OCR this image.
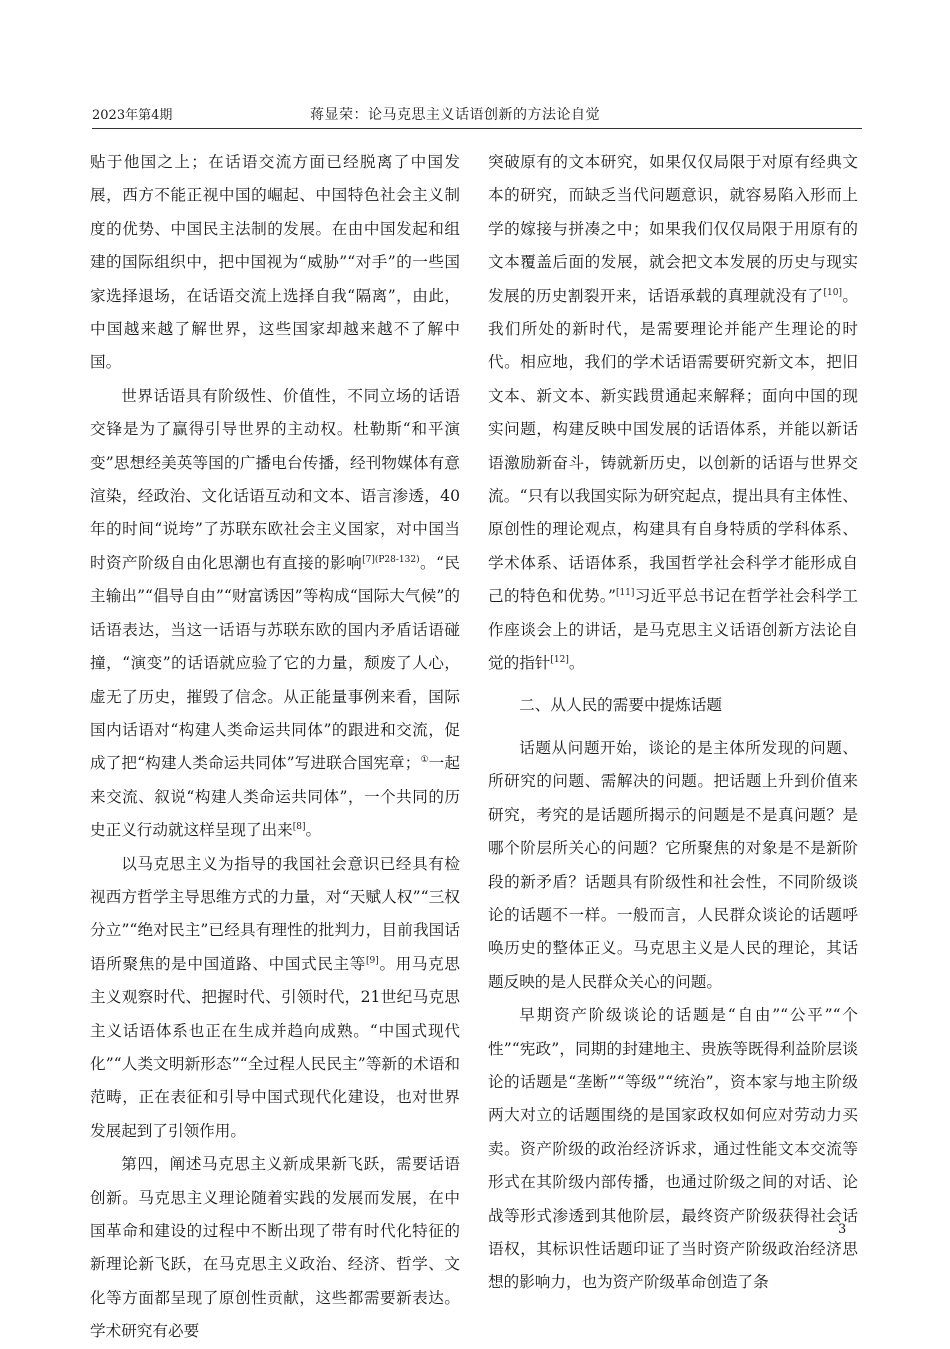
2023年第4期	蒋显荣：论马克思主义话语创新的方法论自觉

贴于他国之上；在话语交流方面已经脱离了中国发展，西方不能正视中国的崛起、中国特色社会主义制度的优势、中国民主法制的发展。在由中国发起和组建的国际组织中，把中国视为“威胁”“对手”的一些国家选择退场，在话语交流上选择自我“隔离”，由此，中国越来越了解世界，这些国家却越来越不了解中国。

世界话语具有阶级性、价值性，不同立场的话语交锋是为了赢得引导世界的主动权。杜勒斯“和平演变”思想经美英等国的广播电台传播，经刊物媒体有意渲染，经政治、文化话语互动和文本、语言渗透，40年的时间“说垮”了苏联东欧社会主义国家，对中国当时资产阶级自由化思潮也有直接的影响$^{[7](P28-132)}$。“民主输出”“倡导自由”“财富诱因”等构成“国际大气候”的话语表达，当这一话语与苏联东欧的国内矛盾话语碰撞，“演变”的话语就应验了它的力量，颓废了人心，虚无了历史，摧毁了信念。从正能量事例来看，国际国内话语对“构建人类命运共同体”的跟进和交流，促成了把“构建人类命运共同体”写进联合国宪章；①一起来交流、叙说“构建人类命运共同体”，一个共同的历史正义行动就这样呈现了出来[8]。

以马克思主义为指导的我国社会意识已经具有检视西方哲学主导思维方式的力量，对“天赋人权”“三权分立”“绝对民主”已经具有理性的批判力，目前我国话语所聚焦的是中国道路、中国式民主等[9]。用马克思主义观察时代、把握时代、引领时代，21世纪马克思主义话语体系也正在生成并趋向成熟。“中国式现代化”“人类文明新形态”“全过程人民民主”等新的术语和范畴，正在表征和引导中国式现代化建设，也对世界发展起到了引领作用。

第四，阐述马克思主义新成果新飞跃，需要话语创新。马克思主义理论随着实践的发展而发展，在中国革命和建设的过程中不断出现了带有时代化特征的新理论新飞跃，在马克思主义政治、经济、哲学、文化等方面都呈现了原创性贡献，这些都需要新表达。学术研究有必要

突破原有的文本研究，如果仅仅局限于对原有经典文本的研究，而缺乏当代问题意识，就容易陷入形而上学的嫁接与拼凑之中；如果我们仅仅局限于用原有的文本覆盖后面的发展，就会把文本发展的历史与现实发展的历史割裂开来，话语承载的真理就没有了[10]。我们所处的新时代，是需要理论并能产生理论的时代。相应地，我们的学术话语需要研究新文本，把旧文本、新文本、新实践贯通起来解释；面向中国的现实问题，构建反映中国发展的话语体系，并能以新话语激励新奋斗，铸就新历史，以创新的话语与世界交流。“只有以我国实际为研究起点，提出具有主体性、原创性的理论观点，构建具有自身特质的学科体系、学术体系、话语体系，我国哲学社会科学才能形成自己的特色和优势。”[11]习近平总书记在哲学社会科学工作座谈会上的讲话，是马克思主义话语创新方法论自觉的指针[12]。

二、从人民的需要中提炼话题

话题从问题开始，谈论的是主体所发现的问题、所研究的问题、需解决的问题。把话题上升到价值来研究，考究的是话题所揭示的问题是不是真问题？是哪个阶层所关心的问题？它所聚焦的对象是不是新阶段的新矛盾？话题具有阶级性和社会性，不同阶级谈论的话题不一样。一般而言，人民群众谈论的话题呼唤历史的整体正义。马克思主义是人民的理论，其话题反映的是人民群众关心的问题。

早期资产阶级谈论的话题是“自由”“公平”“个性”“宪政”，同期的封建地主、贵族等既得利益阶层谈论的话题是“垄断”“等级”“统治”，资本家与地主阶级两大对立的话题围绕的是国家政权如何应对劳动力买卖。资产阶级的政治经济诉求，通过性能文本交流等形式在其阶级内部传播，也通过阶级之间的对话、论战等形式渗透到其他阶层，最终资产阶级获得社会话语权，其标识性话题印证了当时资产阶级政治经济思想的影响力，也为资产阶级革命创造了条

3
